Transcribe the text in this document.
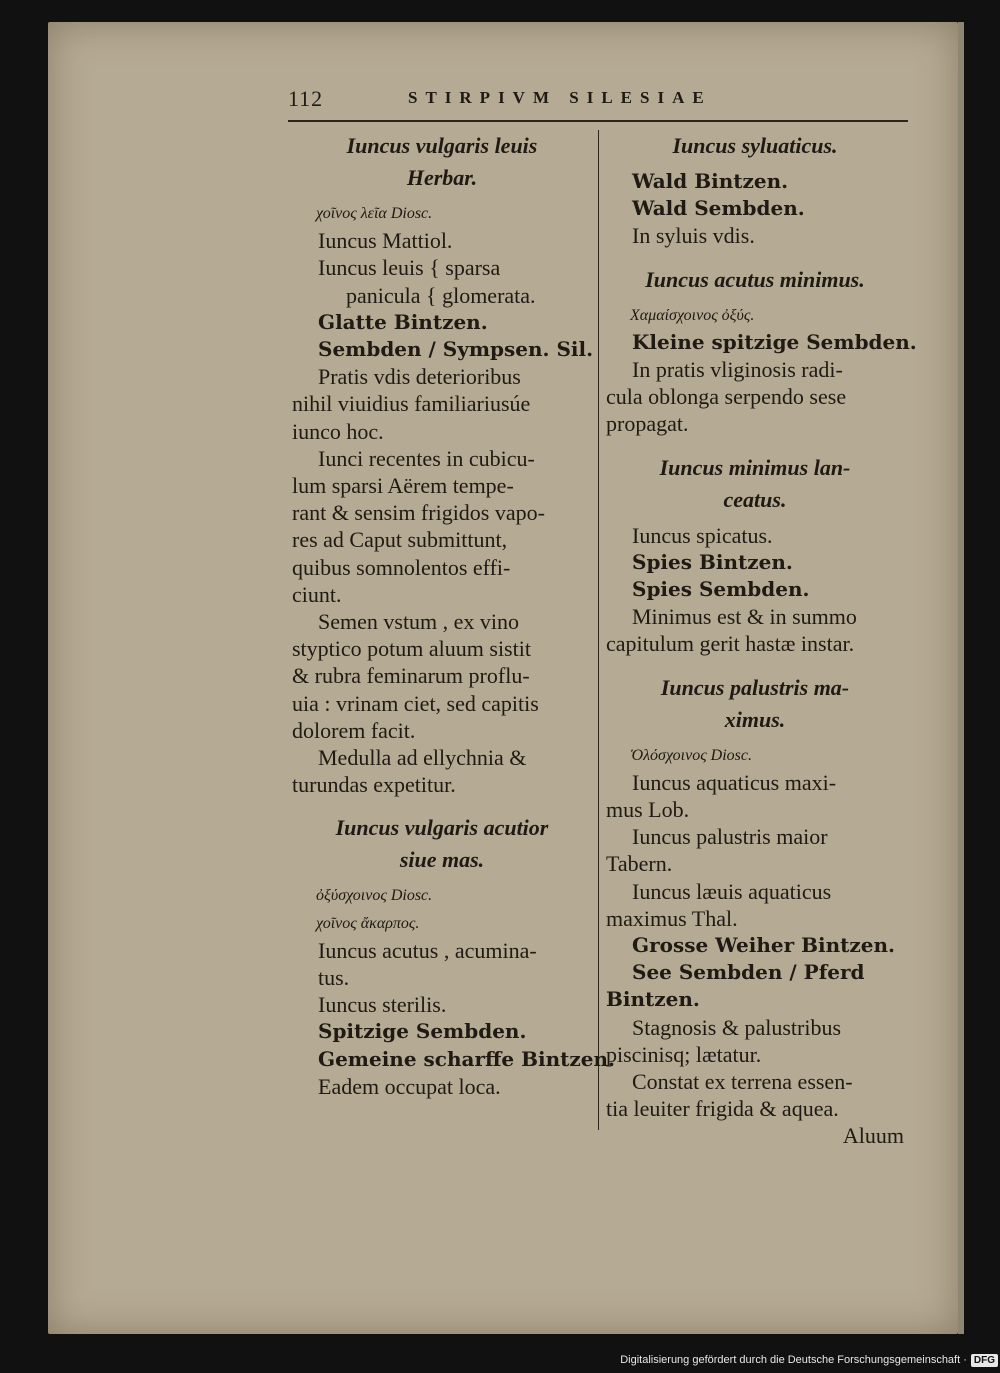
112	STIRPIVM SILESIAE
Iuncus vulgaris leuis
Herbar.
χοῖνος λεῖα Diosc.
Iuncus Mattiol.
Iuncus leuis { sparsa
panicula { glomerata.
Glatte Bintzen.
Sembden / Sympsen. Sil.
Pratis vdis deterioribus
nihil viuidius familiariusúe
iunco hoc.
Iunci recentes in cubicu-
lum sparsi Aërem tempe-
rant & sensim frigidos vapo-
res ad Caput submittunt,
quibus somnolentos effi-
ciunt.
Semen vstum , ex vino
styptico potum aluum sistit
& rubra feminarum proflu-
uia : vrinam ciet, sed capitis
dolorem facit.
Medulla ad ellychnia &
turundas expetitur.
Iuncus vulgaris acutior
siue mas.
ὀξύσχοινος Diosc.
χοῖνος ἄκαρπος.
Iuncus acutus , acumina-
tus.
Iuncus sterilis.
Spitzige Sembden.
Gemeine scharffe Bintzen.
Eadem occupat loca.
Iuncus syluaticus.
Wald Bintzen.
Wald Sembden.
In syluis vdis.
Iuncus acutus minimus.
Χαμαίσχοινος ὀξύς.
Kleine spitzige Sembden.
In pratis vliginosis radi-
cula oblonga serpendo sese
propagat.
Iuncus minimus lan-
ceatus.
Iuncus spicatus.
Spies Bintzen.
Spies Sembden.
Minimus est & in summo
capitulum gerit hastæ instar.
Iuncus palustris ma-
ximus.
Ὁλόσχοινος Diosc.
Iuncus aquaticus maxi-
mus Lob.
Iuncus palustris maior
Tabern.
Iuncus læuis aquaticus
maximus Thal.
Grosse Weiher Bintzen.
See Sembden / Pferd
Bintzen.
Stagnosis & palustribus
piscinisq; lætatur.
Constat ex terrena essen-
tia leuiter frigida & aquea.
Aluum
Digitalisierung gefördert durch die Deutsche Forschungsgemeinschaft · DFG
